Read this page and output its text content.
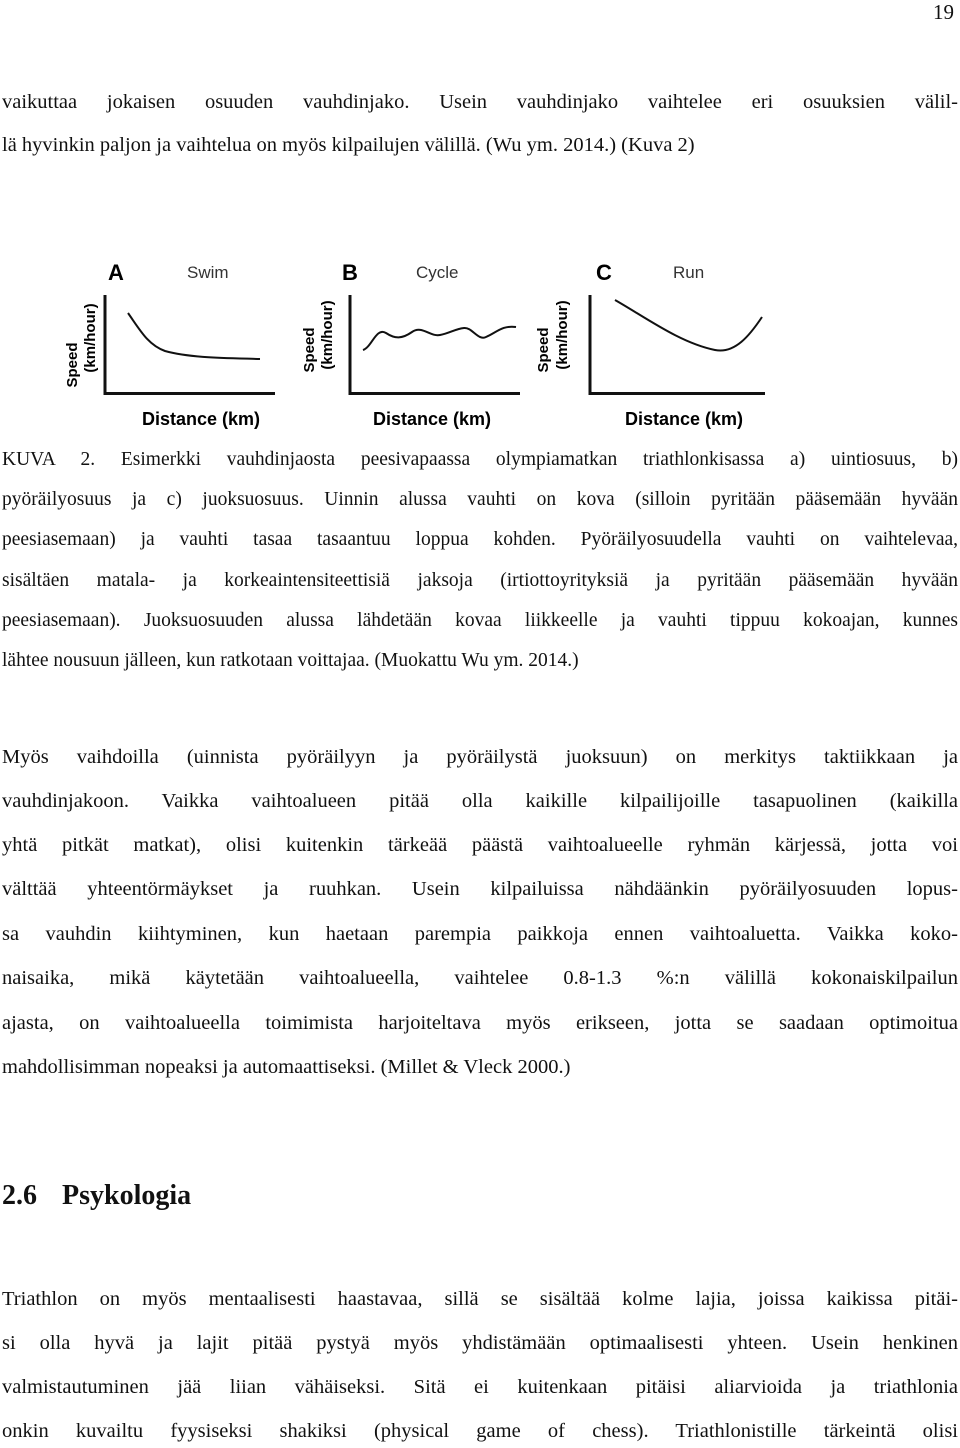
19
vaikuttaa jokaisen osuuden vauhdinjako. Usein vauhdinjako vaihtelee eri osuuksien välil-
lä hyvinkin paljon ja vaihtelua on myös kilpailujen välillä. (Wu ym. 2014.) (Kuva 2)
A	Swim
Speed (km/hour)
Distance (km)
B	Cycle
Speed (km/hour)
Distance (km)
C	Run
Speed (km/hour)
Distance (km)
KUVA 2. Esimerkki vauhdinjaosta peesivapaassa olympiamatkan triathlonkisassa a) uintiosuus, b)
pyöräilyosuus ja c) juoksuosuus. Uinnin alussa vauhti on kova (silloin pyritään pääsemään hyvään
peesiasemaan) ja vauhti tasaa tasaantuu loppua kohden. Pyöräilyosuudella vauhti on vaihtelevaa,
sisältäen matala- ja korkeaintensiteettisiä jaksoja (irtiottoyrityksiä ja pyritään pääsemään hyvään
peesiasemaan). Juoksuosuuden alussa lähdetään kovaa liikkeelle ja vauhti tippuu kokoajan, kunnes
lähtee nousuun jälleen, kun ratkotaan voittajaa. (Muokattu Wu ym. 2014.)
Myös vaihdoilla (uinnista pyöräilyyn ja pyöräilystä juoksuun) on merkitys taktiikkaan ja
vauhdinjakoon. Vaikka vaihtoalueen pitää olla kaikille kilpailijoille tasapuolinen (kaikilla
yhtä pitkät matkat), olisi kuitenkin tärkeää päästä vaihtoalueelle ryhmän kärjessä, jotta voi
välttää yhteentörmäykset ja ruuhkan. Usein kilpailuissa nähdäänkin pyöräilyosuuden lopus-
sa vauhdin kiihtyminen, kun haetaan parempia paikkoja ennen vaihtoaluetta. Vaikka koko-
naisaika, mikä käytetään vaihtoalueella, vaihtelee 0.8-1.3 %:n välillä kokonaiskilpailun
ajasta, on vaihtoalueella toimimista harjoiteltava myös erikseen, jotta se saadaan optimoitua
mahdollisimman nopeaksi ja automaattiseksi. (Millet & Vleck 2000.)
2.6 Psykologia
Triathlon on myös mentaalisesti haastavaa, sillä se sisältää kolme lajia, joissa kaikissa pitäi-
si olla hyvä ja lajit pitää pystyä myös yhdistämään optimaalisesti yhteen. Usein henkinen
valmistautuminen jää liian vähäiseksi. Sitä ei kuitenkaan pitäisi aliarvioida ja triathlonia
onkin kuvailtu fyysiseksi shakiksi (physical game of chess). Triathlonistille tärkeintä olisi
